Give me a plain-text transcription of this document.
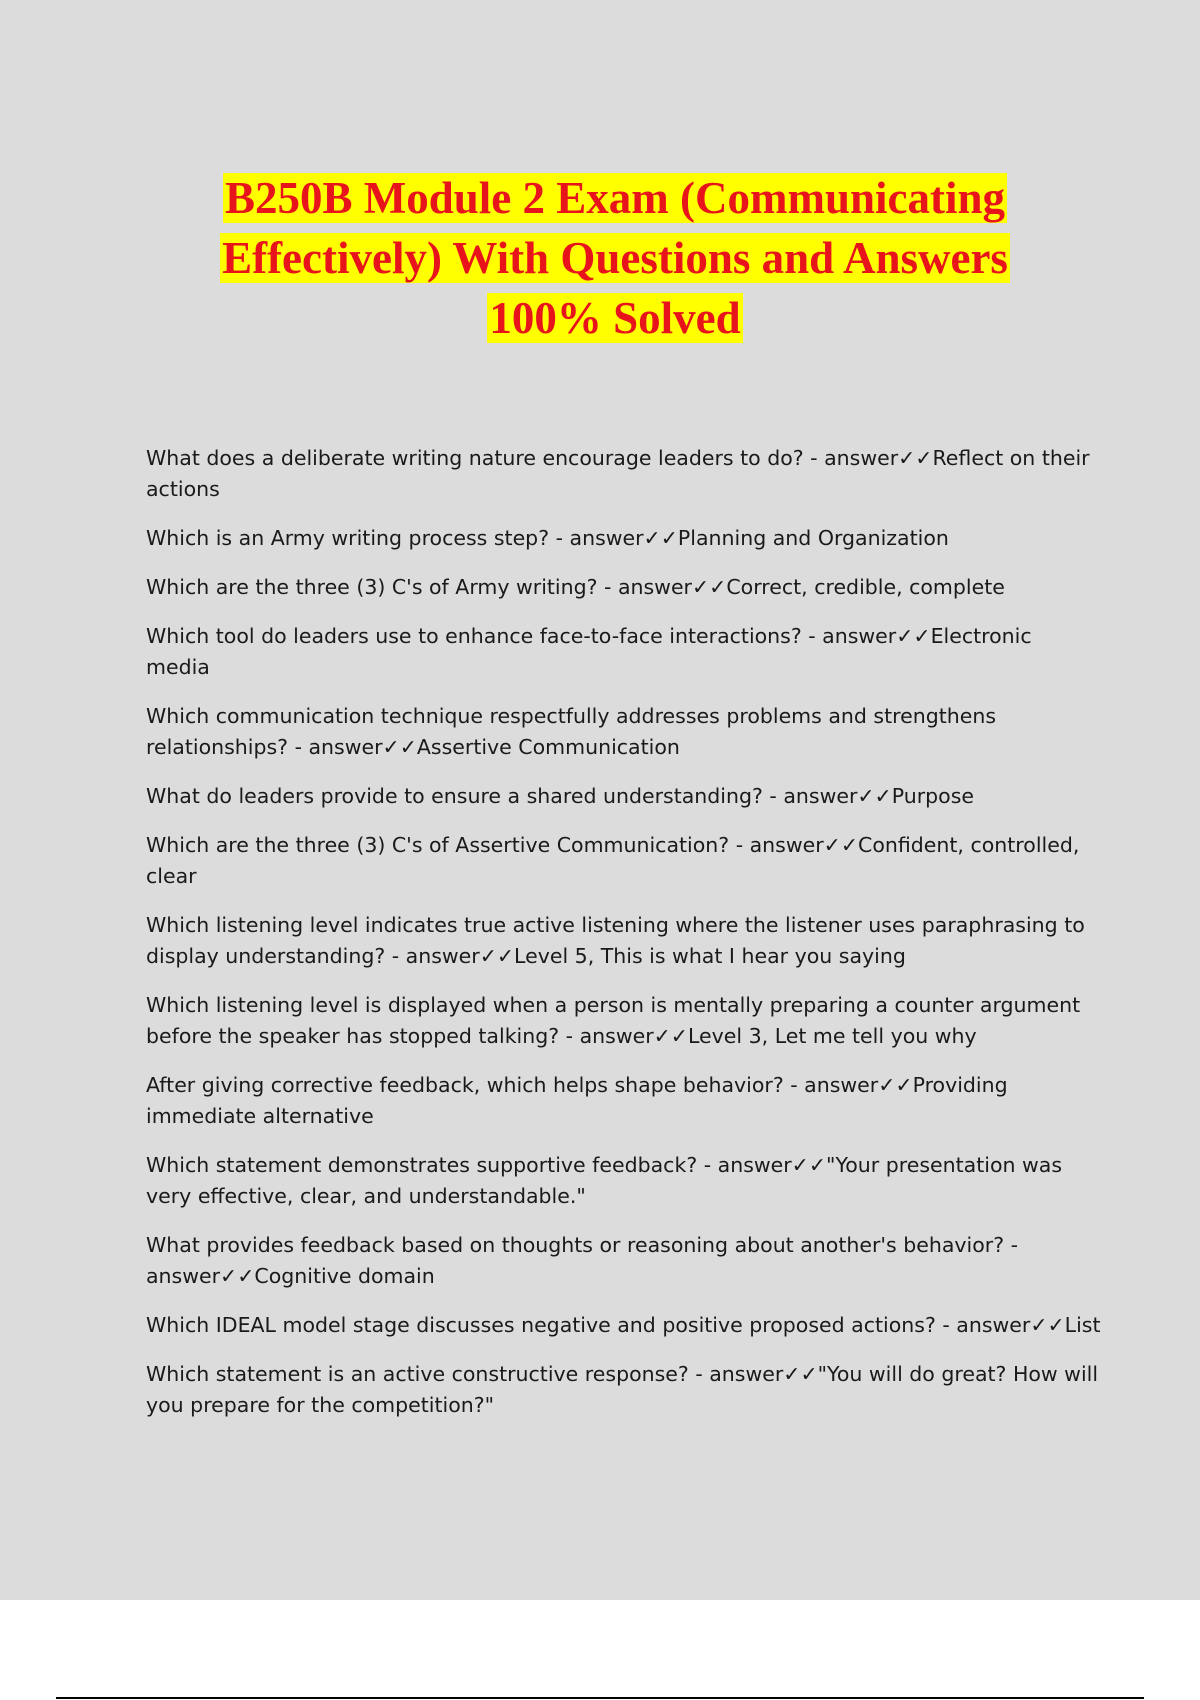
B250B Module 2 Exam (Communicating
Effectively) With Questions and Answers
100% Solved

What does a deliberate writing nature encourage leaders to do? - answer✓✓Reflect on their actions

Which is an Army writing process step? - answer✓✓Planning and Organization

Which are the three (3) C's of Army writing? - answer✓✓Correct, credible, complete

Which tool do leaders use to enhance face-to-face interactions? - answer✓✓Electronic media

Which communication technique respectfully addresses problems and strengthens relationships? - answer✓✓Assertive Communication

What do leaders provide to ensure a shared understanding? - answer✓✓Purpose

Which are the three (3) C's of Assertive Communication? - answer✓✓Confident, controlled, clear

Which listening level indicates true active listening where the listener uses paraphrasing to display understanding? - answer✓✓Level 5, This is what I hear you saying

Which listening level is displayed when a person is mentally preparing a counter argument before the speaker has stopped talking? - answer✓✓Level 3, Let me tell you why

After giving corrective feedback, which helps shape behavior? - answer✓✓Providing immediate alternative

Which statement demonstrates supportive feedback? - answer✓✓"Your presentation was very effective, clear, and understandable."

What provides feedback based on thoughts or reasoning about another's behavior? - answer✓✓Cognitive domain

Which IDEAL model stage discusses negative and positive proposed actions? - answer✓✓List

Which statement is an active constructive response? - answer✓✓"You will do great? How will you prepare for the competition?"
